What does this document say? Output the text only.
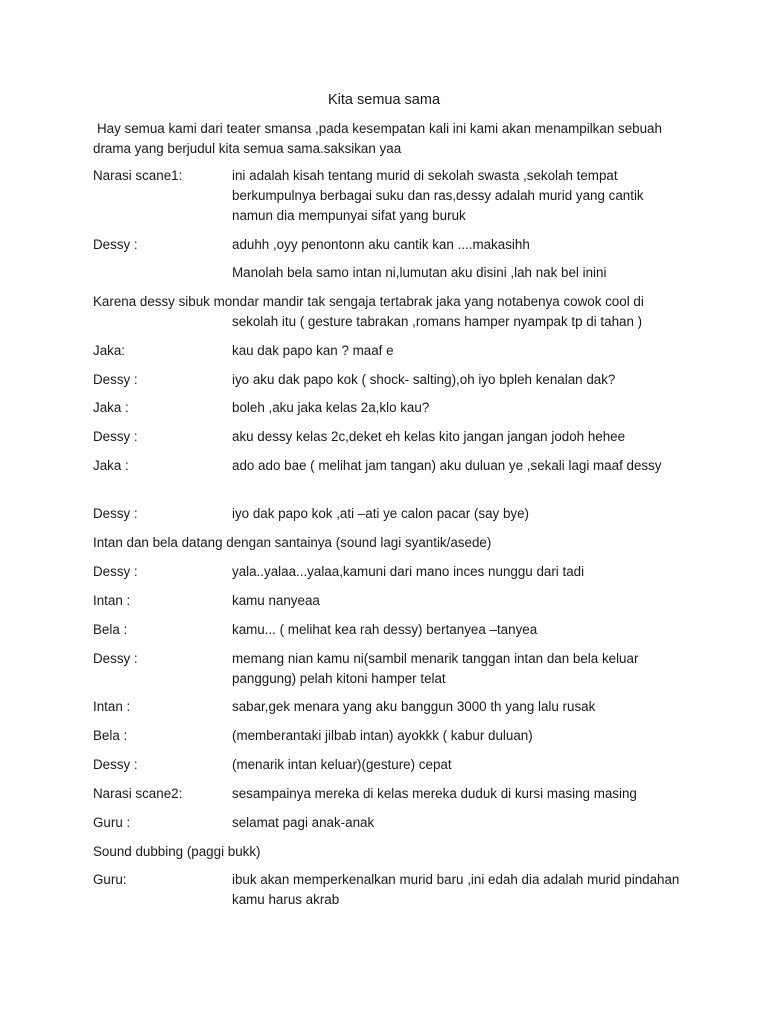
Kita semua sama
Hay semua kami dari teater smansa ,pada kesempatan kali ini kami akan menampilkan sebuah drama yang berjudul kita semua sama.saksikan yaa
Narasi scane1:	ini adalah kisah tentang murid di sekolah swasta ,sekolah tempat berkumpulnya berbagai suku dan ras,dessy adalah murid yang cantik namun dia mempunyai sifat yang buruk
Dessy :	aduhh ,oyy penontonn aku cantik kan ....makasihh
Manolah bela samo intan ni,lumutan aku disini ,lah nak bel inini
Karena dessy sibuk mondar mandir tak sengaja tertabrak jaka yang notabenya cowok cool di
sekolah itu ( gesture tabrakan ,romans hamper nyampak tp di tahan )
Jaka:	kau dak papo kan ? maaf e
Dessy :	iyo aku dak papo kok ( shock- salting),oh iyo bpleh kenalan dak?
Jaka :	boleh ,aku jaka kelas 2a,klo kau?
Dessy :	aku dessy kelas 2c,deket eh kelas kito jangan jangan jodoh hehee
Jaka :	ado ado bae ( melihat jam tangan) aku duluan ye ,sekali lagi maaf dessy
Dessy :	iyo dak papo kok ,ati –ati ye calon pacar (say bye)
Intan dan bela datang dengan santainya (sound lagi syantik/asede)
Dessy :	yala..yalaa...yalaa,kamuni dari mano inces nunggu dari tadi
Intan :	kamu nanyeaa
Bela :	kamu... ( melihat kea rah dessy) bertanyea –tanyea
Dessy :	memang nian kamu ni(sambil menarik tanggan intan dan bela keluar panggung) pelah kitoni hamper telat
Intan :	sabar,gek menara yang aku banggun 3000 th yang lalu rusak
Bela :	(memberantaki jilbab intan) ayokkk ( kabur duluan)
Dessy :	(menarik intan keluar)(gesture) cepat
Narasi scane2:	sesampainya mereka di kelas mereka duduk di kursi masing masing
Guru :	selamat pagi anak-anak
Sound dubbing (paggi bukk)
Guru:	ibuk akan memperkenalkan murid baru ,ini edah dia adalah murid pindahan kamu harus akrab
